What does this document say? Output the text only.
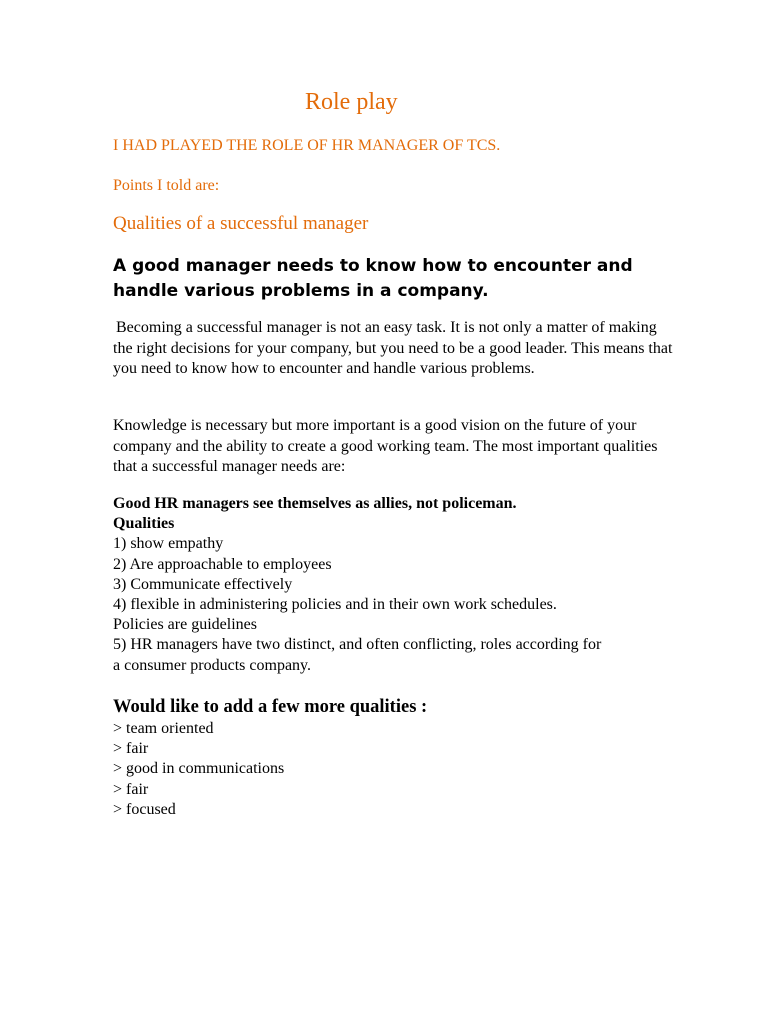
Role play

I HAD PLAYED THE ROLE OF HR MANAGER OF TCS.

Points I told are:

Qualities of a successful manager

A good manager needs to know how to encounter and handle various problems in a company.

Becoming a successful manager is not an easy task. It is not only a matter of making the right decisions for your company, but you need to be a good leader. This means that you need to know how to encounter and handle various problems.

Knowledge is necessary but more important is a good vision on the future of your company and the ability to create a good working team. The most important qualities that a successful manager needs are:

Good HR managers see themselves as allies, not policeman.
Qualities
1) show empathy
2) Are approachable to employees
3) Communicate effectively
4) flexible in administering policies and in their own work schedules.
Policies are guidelines
5) HR managers have two distinct, and often conflicting, roles according for
a consumer products company.

Would like to add a few more qualities :

> team oriented
> fair
> good in communications
> fair
> focused
